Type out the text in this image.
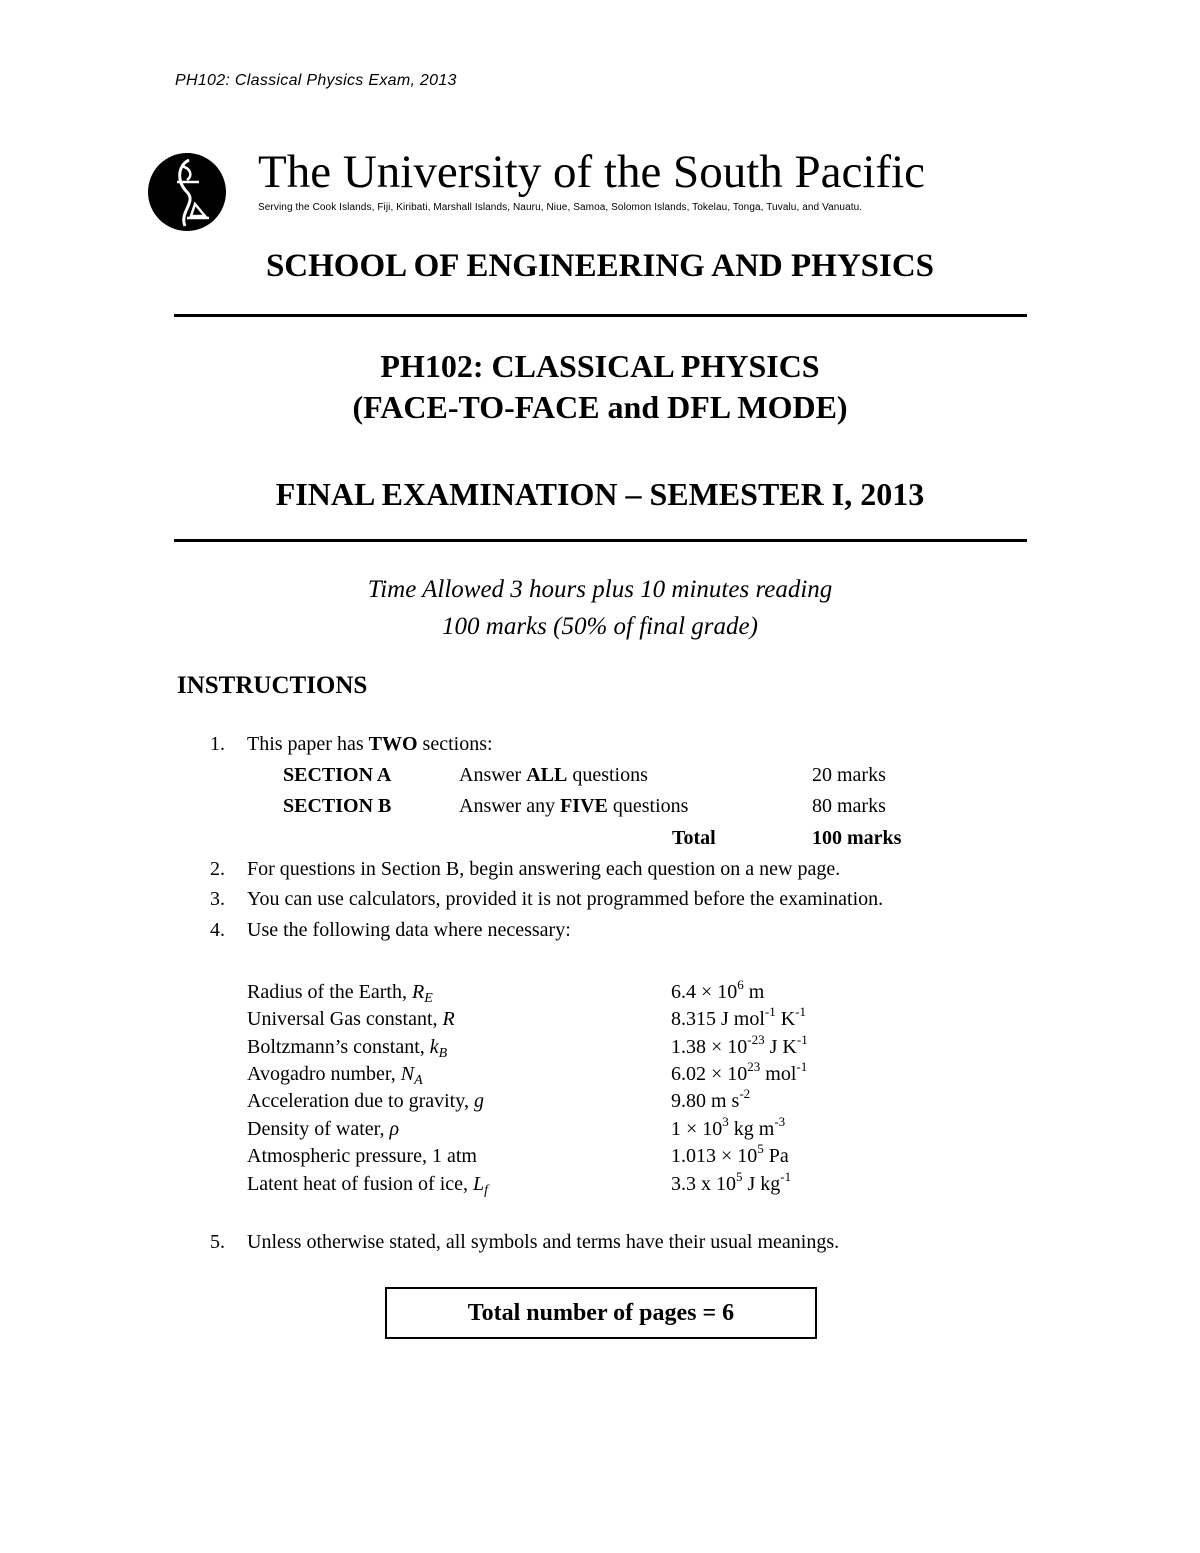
PH102: Classical Physics Exam, 2013
The University of the South Pacific
Serving the Cook Islands, Fiji, Kiribati, Marshall Islands, Nauru, Niue, Samoa, Solomon Islands, Tokelau, Tonga, Tuvalu, and Vanuatu.
SCHOOL OF ENGINEERING AND PHYSICS
PH102: CLASSICAL PHYSICS
(FACE-TO-FACE and DFL MODE)
FINAL EXAMINATION – SEMESTER I, 2013
Time Allowed 3 hours plus 10 minutes reading
100 marks (50% of final grade)
INSTRUCTIONS
1. This paper has TWO sections:
SECTION A	Answer ALL questions	20 marks
SECTION B	Answer any FIVE questions	80 marks
Total	100 marks
2. For questions in Section B, begin answering each question on a new page.
3. You can use calculators, provided it is not programmed before the examination.
4. Use the following data where necessary:
Radius of the Earth, $R_E$	$6.4 \times 10^6$ m
Universal Gas constant, R	8.315 J mol$^{-1}$ $K^{-1}$
Boltzmann’s constant, $k_B$	$1.38 \times 10^{-23}$ J $K^{-1}$
Avogadro number, $N_A$	$6.02 \times 10^{23}$ mol$^{-1}$
Acceleration due to gravity, g	9.80 m $s^{-2}$
Density of water, ρ	$1 \times 10^3$ kg $m^{-3}$
Atmospheric pressure, 1 atm	$1.013 \times 10^5$ Pa
Latent heat of fusion of ice, $L_f$	3.3 x $10^5$ J $kg^{-1}$
5. Unless otherwise stated, all symbols and terms have their usual meanings.
Total number of pages = 6
